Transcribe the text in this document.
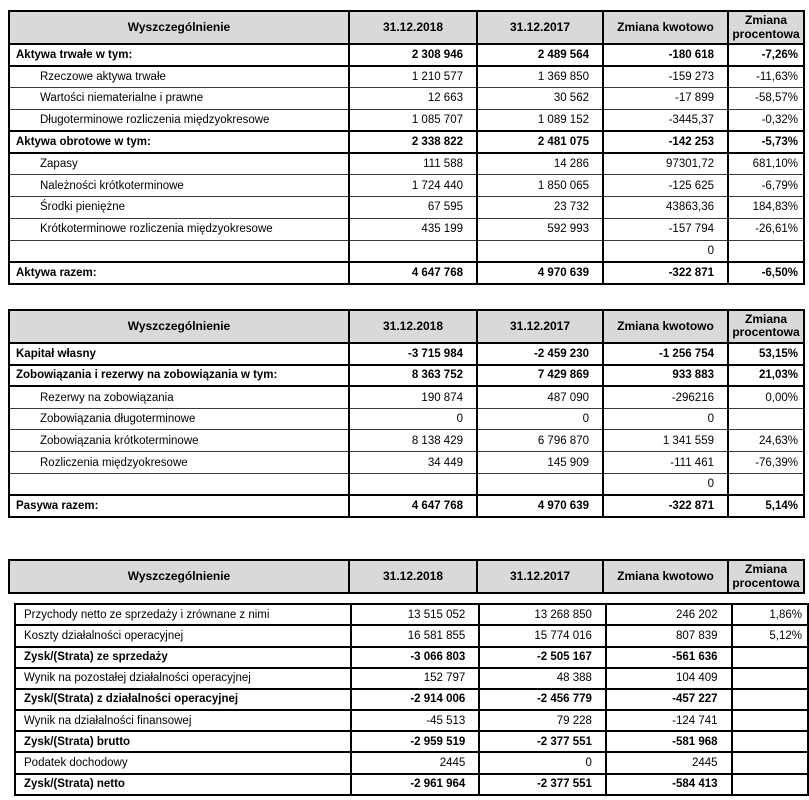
Wyszczególnienie	31.12.2018	31.12.2017	Zmiana kwotowo	Zmiana procentowa
Aktywa trwałe w tym:	2 308 946	2 489 564	-180 618	-7,26%
Rzeczowe aktywa trwałe	1 210 577	1 369 850	-159 273	-11,63%
Wartości niematerialne i prawne	12 663	30 562	-17 899	-58,57%
Długoterminowe rozliczenia międzyokresowe	1 085 707	1 089 152	-3445,37	-0,32%
Aktywa obrotowe w tym:	2 338 822	2 481 075	-142 253	-5,73%
Zapasy	111 588	14 286	97301,72	681,10%
Należności krótkoterminowe	1 724 440	1 850 065	-125 625	-6,79%
Środki pieniężne	67 595	23 732	43863,36	184,83%
Krótkoterminowe rozliczenia międzyokresowe	435 199	592 993	-157 794	-26,61%
			0	
Aktywa razem:	4 647 768	4 970 639	-322 871	-6,50%
Wyszczególnienie	31.12.2018	31.12.2017	Zmiana kwotowo	Zmiana procentowa
Kapitał własny	-3 715 984	-2 459 230	-1 256 754	53,15%
Zobowiązania i rezerwy na zobowiązania w tym:	8 363 752	7 429 869	933 883	21,03%
Rezerwy na zobowiązania	190 874	487 090	-296216	0,00%
Zobowiązania długoterminowe	0	0	0	
Zobowiązania krótkoterminowe	8 138 429	6 796 870	1 341 559	24,63%
Rozliczenia międzyokresowe	34 449	145 909	-111 461	-76,39%
			0	
Pasywa razem:	4 647 768	4 970 639	-322 871	5,14%
Wyszczególnienie	31.12.2018	31.12.2017	Zmiana kwotowo	Zmiana procentowa
Przychody netto ze sprzedaży i zrównane z nimi	13 515 052	13 268 850	246 202	1,86%
Koszty działalności operacyjnej	16 581 855	15 774 016	807 839	5,12%
Zysk/(Strata) ze sprzedaży	-3 066 803	-2 505 167	-561 636	
Wynik na pozostałej działalności operacyjnej	152 797	48 388	104 409	
Zysk/(Strata) z działalności operacyjnej	-2 914 006	-2 456 779	-457 227	
Wynik na działalności finansowej	-45 513	79 228	-124 741	
Zysk/(Strata) brutto	-2 959 519	-2 377 551	-581 968	
Podatek dochodowy	2445	0	2445	
Zysk/(Strata) netto	-2 961 964	-2 377 551	-584 413	
